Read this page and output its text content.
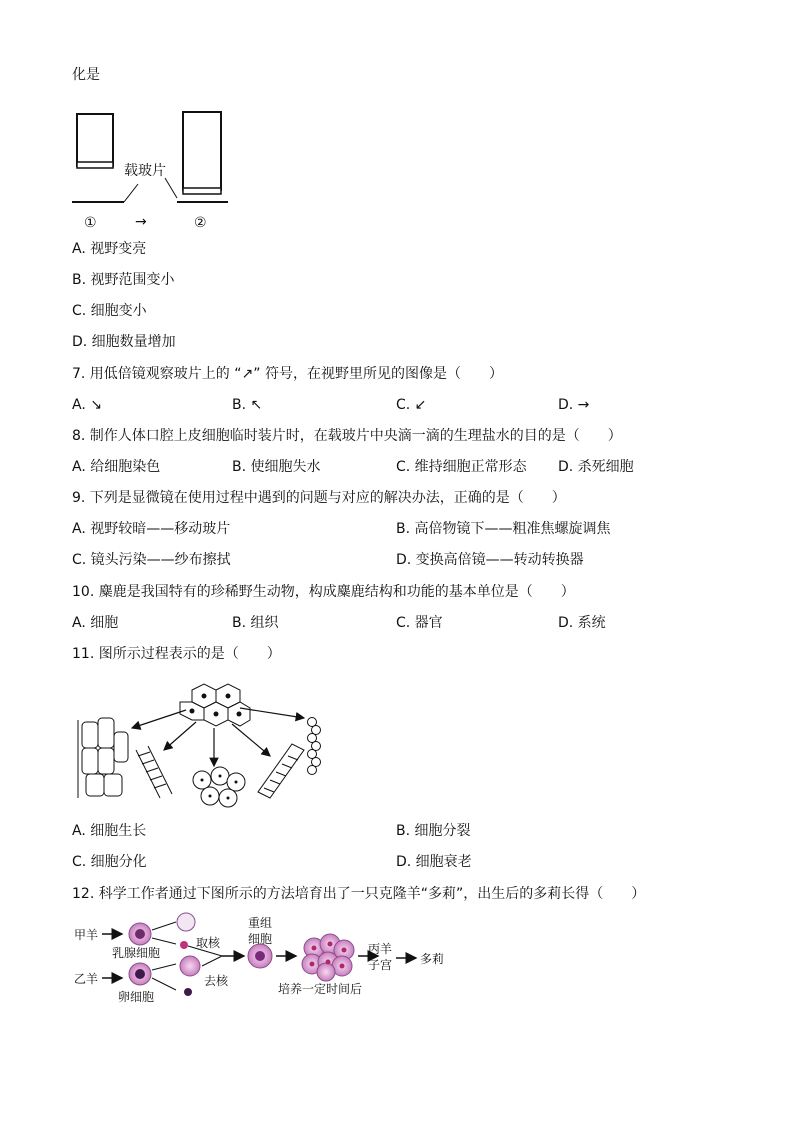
化是
载玻片
①	→	②
A. 视野变亮
B. 视野范围变小
C. 细胞变小
D. 细胞数量增加
7. 用低倍镜观察玻片上的 “↗” 符号，在视野里所见的图像是（　　）
A. ↘	B. ↖	C. ↙	D. →
8. 制作人体口腔上皮细胞临时装片时，在载玻片中央滴一滴的生理盐水的目的是（　　）
A. 给细胞染色	B. 使细胞失水	C. 维持细胞正常形态 D. 杀死细胞
9. 下列是显微镜在使用过程中遇到的问题与对应的解决办法，正确的是（　　）
A. 视野较暗——移动玻片	B. 高倍物镜下——粗准焦螺旋调焦
C. 镜头污染——纱布擦拭	D. 变换高倍镜——转动转换器
10. 麋鹿是我国特有的珍稀野生动物，构成麋鹿结构和功能的基本单位是（　　）
A. 细胞	B. 组织	C. 器官	D. 系统
11. 图所示过程表示的是（　　）
A. 细胞生长	B. 细胞分裂
C. 细胞分化	D. 细胞衰老
12. 科学工作者通过下图所示的方法培育出了一只克隆羊“多莉”，出生后的多莉长得（　　）
甲羊
乳腺细胞
取核
乙羊
卵细胞
去核
重组
细胞
培养一定时间后
丙羊
子宫 多莉
